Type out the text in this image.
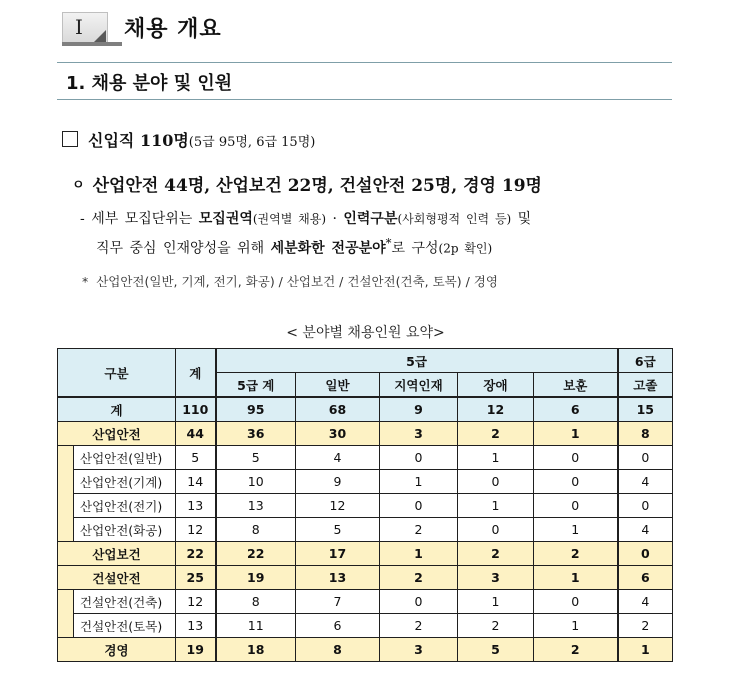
Ⅰ 채용 개요
1. 채용 분야 및 인원
신입직 110명(5급 95명, 6급 15명)
ㅇ 산업안전 44명, 산업보건 22명, 건설안전 25명, 경영 19명
- 세부 모집단위는 모집권역(권역별 채용) · 인력구분(사회형평적 인력 등) 및
직무 중심 인재양성을 위해 세분화한 전공분야*로 구성(2p 확인)
* 산업안전(일반, 기계, 전기, 화공) / 산업보건 / 건설안전(건축, 토목) / 경영
< 분야별 채용인원 요약>
구분		계	5급					6급
			5급 계	일반	지역인재	장애	보훈	고졸
계		110	95	68	9	12	6	15
산업안전		44	36	30	3	2	1	8
	산업안전(일반)	5	5	4	0	1	0	0
	산업안전(기계)	14	10	9	1	0	0	4
	산업안전(전기)	13	13	12	0	1	0	0
	산업안전(화공)	12	8	5	2	0	1	4
산업보건		22	22	17	1	2	2	0
건설안전		25	19	13	2	3	1	6
	건설안전(건축)	12	8	7	0	1	0	4
	건설안전(토목)	13	11	6	2	2	1	2
경영		19	18	8	3	5	2	1
